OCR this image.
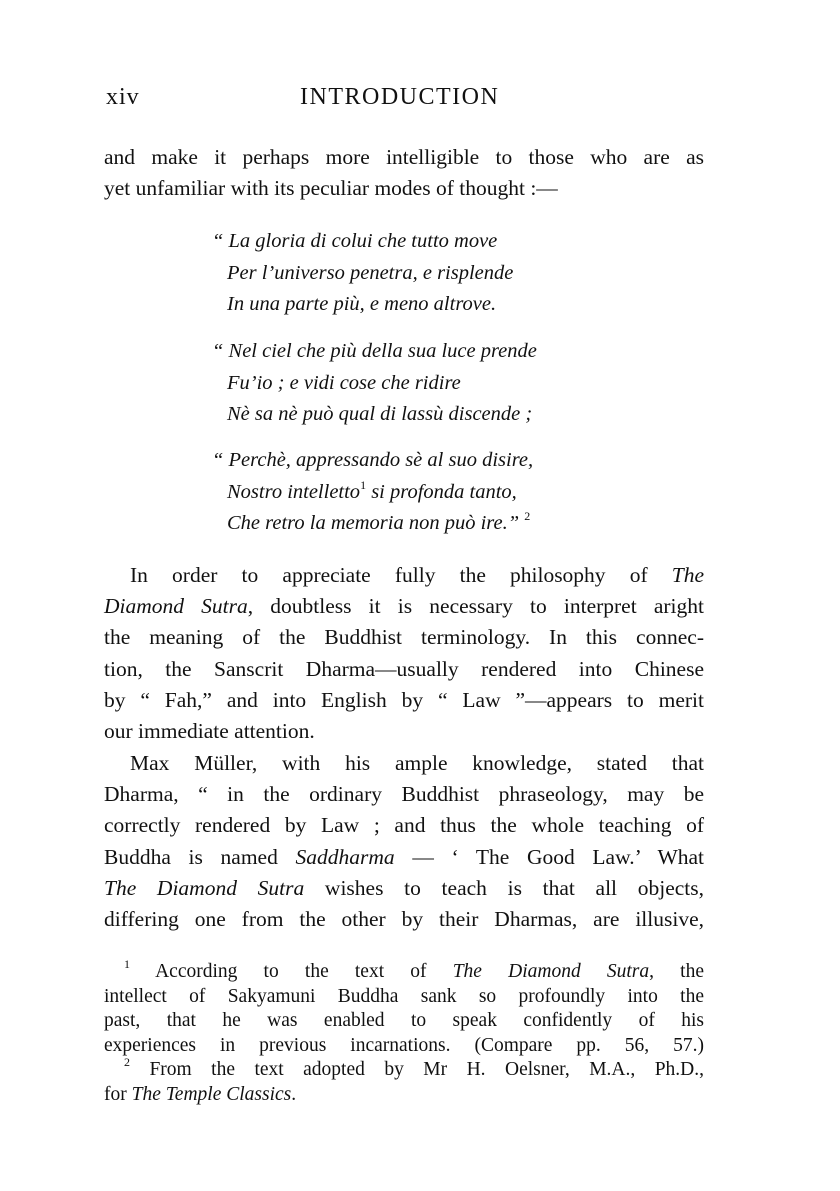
xiv	INTRODUCTION
and make it perhaps more intelligible to those who are as
yet unfamiliar with its peculiar modes of thought :—
“ La gloria di colui che tutto move
Per l’universo penetra, e risplende
In una parte più, e meno altrove.
“ Nel ciel che più della sua luce prende
Fu’io ; e vidi cose che ridire
Nè sa nè può qual di lassù discende ;
“ Perchè, appressando sè al suo disire,
Nostro intelletto$^1$ si profonda tanto,
Che retro la memoria non può ire.” $^2$
In order to appreciate fully the philosophy of The
Diamond Sutra, doubtless it is necessary to interpret aright
the meaning of the Buddhist terminology. In this connec-
tion, the Sanscrit Dharma—usually rendered into Chinese
by “ Fah,” and into English by “ Law ”—appears to merit
our immediate attention.
Max Müller, with his ample knowledge, stated that
Dharma, “ in the ordinary Buddhist phraseology, may be
correctly rendered by Law ; and thus the whole teaching of
Buddha is named Saddharma — ‘ The Good Law.’ What
The Diamond Sutra wishes to teach is that all objects,
differing one from the other by their Dharmas, are illusive,
$^1$ According to the text of The Diamond Sutra, the
intellect of Sakyamuni Buddha sank so profoundly into the
past, that he was enabled to speak confidently of his
experiences in previous incarnations. (Compare pp. 56, 57.)
$^2$ From the text adopted by Mr H. Oelsner, M.A., Ph.D.,
for The Temple Classics.
